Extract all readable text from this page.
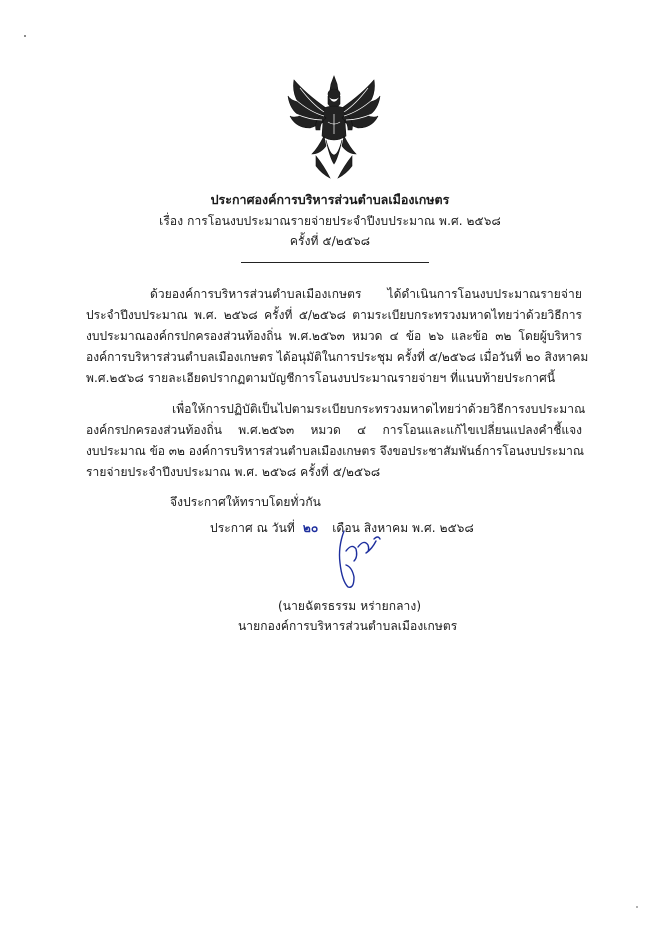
ประกาศองค์การบริหารส่วนตำบลเมืองเกษตร
เรื่อง การโอนงบประมาณรายจ่ายประจำปีงบประมาณ พ.ศ. ๒๕๖๘
ครั้งที่ ๕/๒๕๖๘
ด้วยองค์การบริหารส่วนตำบลเมืองเกษตร ได้ดำเนินการโอนงบประมาณรายจ่าย
ประจำปีงบประมาณ พ.ศ. ๒๕๖๘ ครั้งที่ ๕/๒๕๖๘ ตามระเบียบกระทรวงมหาดไทยว่าด้วยวิธีการ
งบประมาณองค์กรปกครองส่วนท้องถิ่น พ.ศ.๒๕๖๓ หมวด ๔ ข้อ ๒๖ และข้อ ๓๒ โดยผู้บริหาร
องค์การบริหารส่วนตำบลเมืองเกษตร ได้อนุมัติในการประชุม ครั้งที่ ๕/๒๕๖๘ เมื่อวันที่ ๒๐ สิงหาคม
พ.ศ.๒๕๖๘ รายละเอียดปรากฏตามบัญชีการโอนงบประมาณรายจ่ายฯ ที่แนบท้ายประกาศนี้
เพื่อให้การปฏิบัติเป็นไปตามระเบียบกระทรวงมหาดไทยว่าด้วยวิธีการงบประมาณ
องค์กรปกครองส่วนท้องถิ่น พ.ศ.๒๕๖๓ หมวด ๔ การโอนและแก้ไขเปลี่ยนแปลงคำชี้แจง
งบประมาณ ข้อ ๓๒ องค์การบริหารส่วนตำบลเมืองเกษตร จึงขอประชาสัมพันธ์การโอนงบประมาณ
รายจ่ายประจำปีงบประมาณ พ.ศ. ๒๕๖๘ ครั้งที่ ๕/๒๕๖๘
จึงประกาศให้ทราบโดยทั่วกัน
ประกาศ ณ วันที่ ๒๐ เดือน สิงหาคม พ.ศ. ๒๕๖๘
(นายฉัตรธรรม หร่ายกลาง)
นายกองค์การบริหารส่วนตำบลเมืองเกษตร
